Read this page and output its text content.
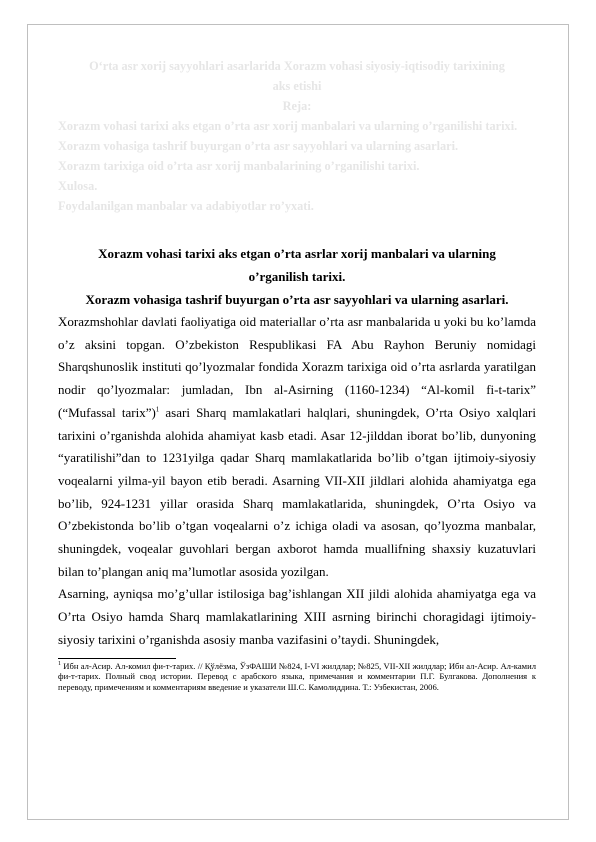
O‘rta asr xorij sayyohlari asarlarida Xorazm vohasi siyosiy-iqtisodiy tarixining

aks etishi

Reja:

Xorazm vohasi tarixi aks etgan o’rta asr xorij manbalari va ularning o’rganilishi tarixi.

Xorazm vohasiga tashrif buyurgan o’rta asr sayyohlari va ularning asarlari.

Xorazm tarixiga oid o’rta asr xorij manbalarining o’rganilishi tarixi.

Xulosa.

Foydalanilgan manbalar va adabiyotlar ro’yxati.

Xorazm vohasi tarixi aks etgan o’rta asrlar xorij manbalari va ularning

o’rganilish tarixi.

Xorazm vohasiga tashrif buyurgan o’rta asr sayyohlari va ularning asarlari.

Xorazmshohlar davlati faoliyatiga oid materiallar o’rta asr manbalarida u yoki bu ko’lamda o’z aksini topgan. O’zbekiston Respublikasi FA Abu Rayhon Beruniy nomidagi Sharqshunoslik instituti qo’lyozmalar fondida Xorazm tarixiga oid o’rta asrlarda yaratilgan nodir qo’lyozmalar: jumladan, Ibn al-Asirning (1160-1234) “Al-komil fi-t-tarix” (“Mufassal tarix”)$^1$ asari Sharq mamlakatlari halqlari, shuningdek, O’rta Osiyo xalqlari tarixini o’rganishda alohida ahamiyat kasb etadi. Asar 12-jilddan iborat bo’lib, dunyoning “yaratilishi”dan to 1231yilga qadar Sharq mamlakatlarida bo’lib o’tgan ijtimoiy-siyosiy voqealarni yilma-yil bayon etib beradi. Asarning VII-XII jildlari alohida ahamiyatga ega bo’lib, 924-1231 yillar orasida Sharq mamlakatlarida, shuningdek, O’rta Osiyo va O’zbekistonda bo’lib o’tgan voqealarni o’z ichiga oladi va asosan, qo’lyozma manbalar, shuningdek, voqealar guvohlari bergan axborot hamda muallifning shaxsiy kuzatuvlari bilan to’plangan aniq ma’lumotlar asosida yozilgan.

Asarning, ayniqsa mo’g’ullar istilosiga bag’ishlangan XII jildi alohida ahamiyatga ega va O’rta Osiyo hamda Sharq mamlakatlarining XIII asrning birinchi choragidagi ijtimoiy-siyosiy tarixini o’rganishda asosiy manba vazifasini o’taydi. Shuningdek,

$^1$ Ибн ал-Асир. Ал-комил фи-т-тарих. // Қўлёзма, ЎзФАШИ №824, I-VI жилдлар; №825, VII-XII жилдлар; Ибн ал-Асир. Ал-камил фи-т-тарих. Полный свод истории. Перевод с арабского языка, примечания и комментарии П.Г. Булгакова. Дополнения к переводу, примечениям и комментариям введение и указатели Ш.С. Камолиддина. Т.: Узбекистан, 2006.
